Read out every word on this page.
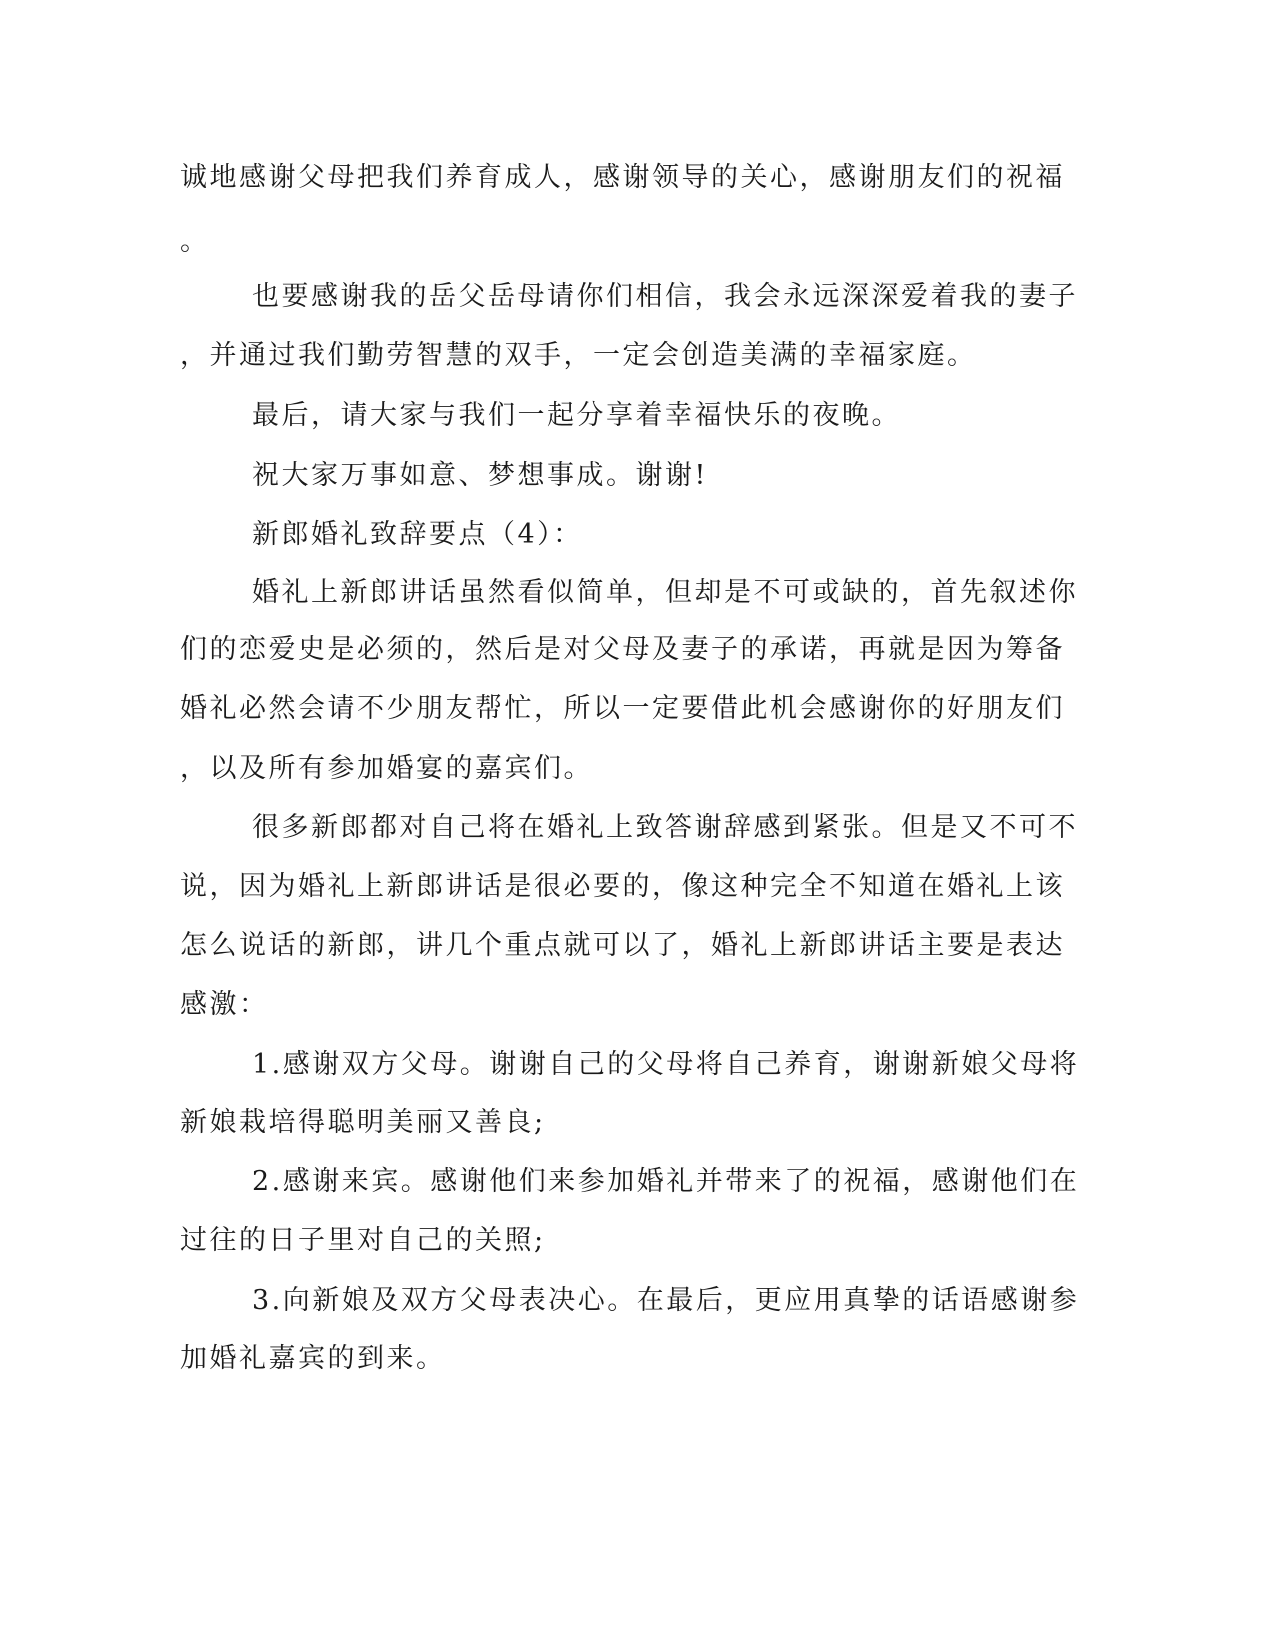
诚地感谢父母把我们养育成人，感谢领导的关心，感谢朋友们的祝福

。

也要感谢我的岳父岳母请你们相信，我会永远深深爱着我的妻子

，并通过我们勤劳智慧的双手，一定会创造美满的幸福家庭。

最后，请大家与我们一起分享着幸福快乐的夜晚。

祝大家万事如意、梦想事成。谢谢!

新郎婚礼致辞要点（4）：

婚礼上新郎讲话虽然看似简单，但却是不可或缺的，首先叙述你

们的恋爱史是必须的，然后是对父母及妻子的承诺，再就是因为筹备

婚礼必然会请不少朋友帮忙，所以一定要借此机会感谢你的好朋友们

，以及所有参加婚宴的嘉宾们。

很多新郎都对自己将在婚礼上致答谢辞感到紧张。但是又不可不

说，因为婚礼上新郎讲话是很必要的，像这种完全不知道在婚礼上该

怎么说话的新郎，讲几个重点就可以了，婚礼上新郎讲话主要是表达

感激：

1.感谢双方父母。谢谢自己的父母将自己养育，谢谢新娘父母将

新娘栽培得聪明美丽又善良;

2.感谢来宾。感谢他们来参加婚礼并带来了的祝福，感谢他们在

过往的日子里对自己的关照;

3.向新娘及双方父母表决心。在最后，更应用真挚的话语感谢参

加婚礼嘉宾的到来。
